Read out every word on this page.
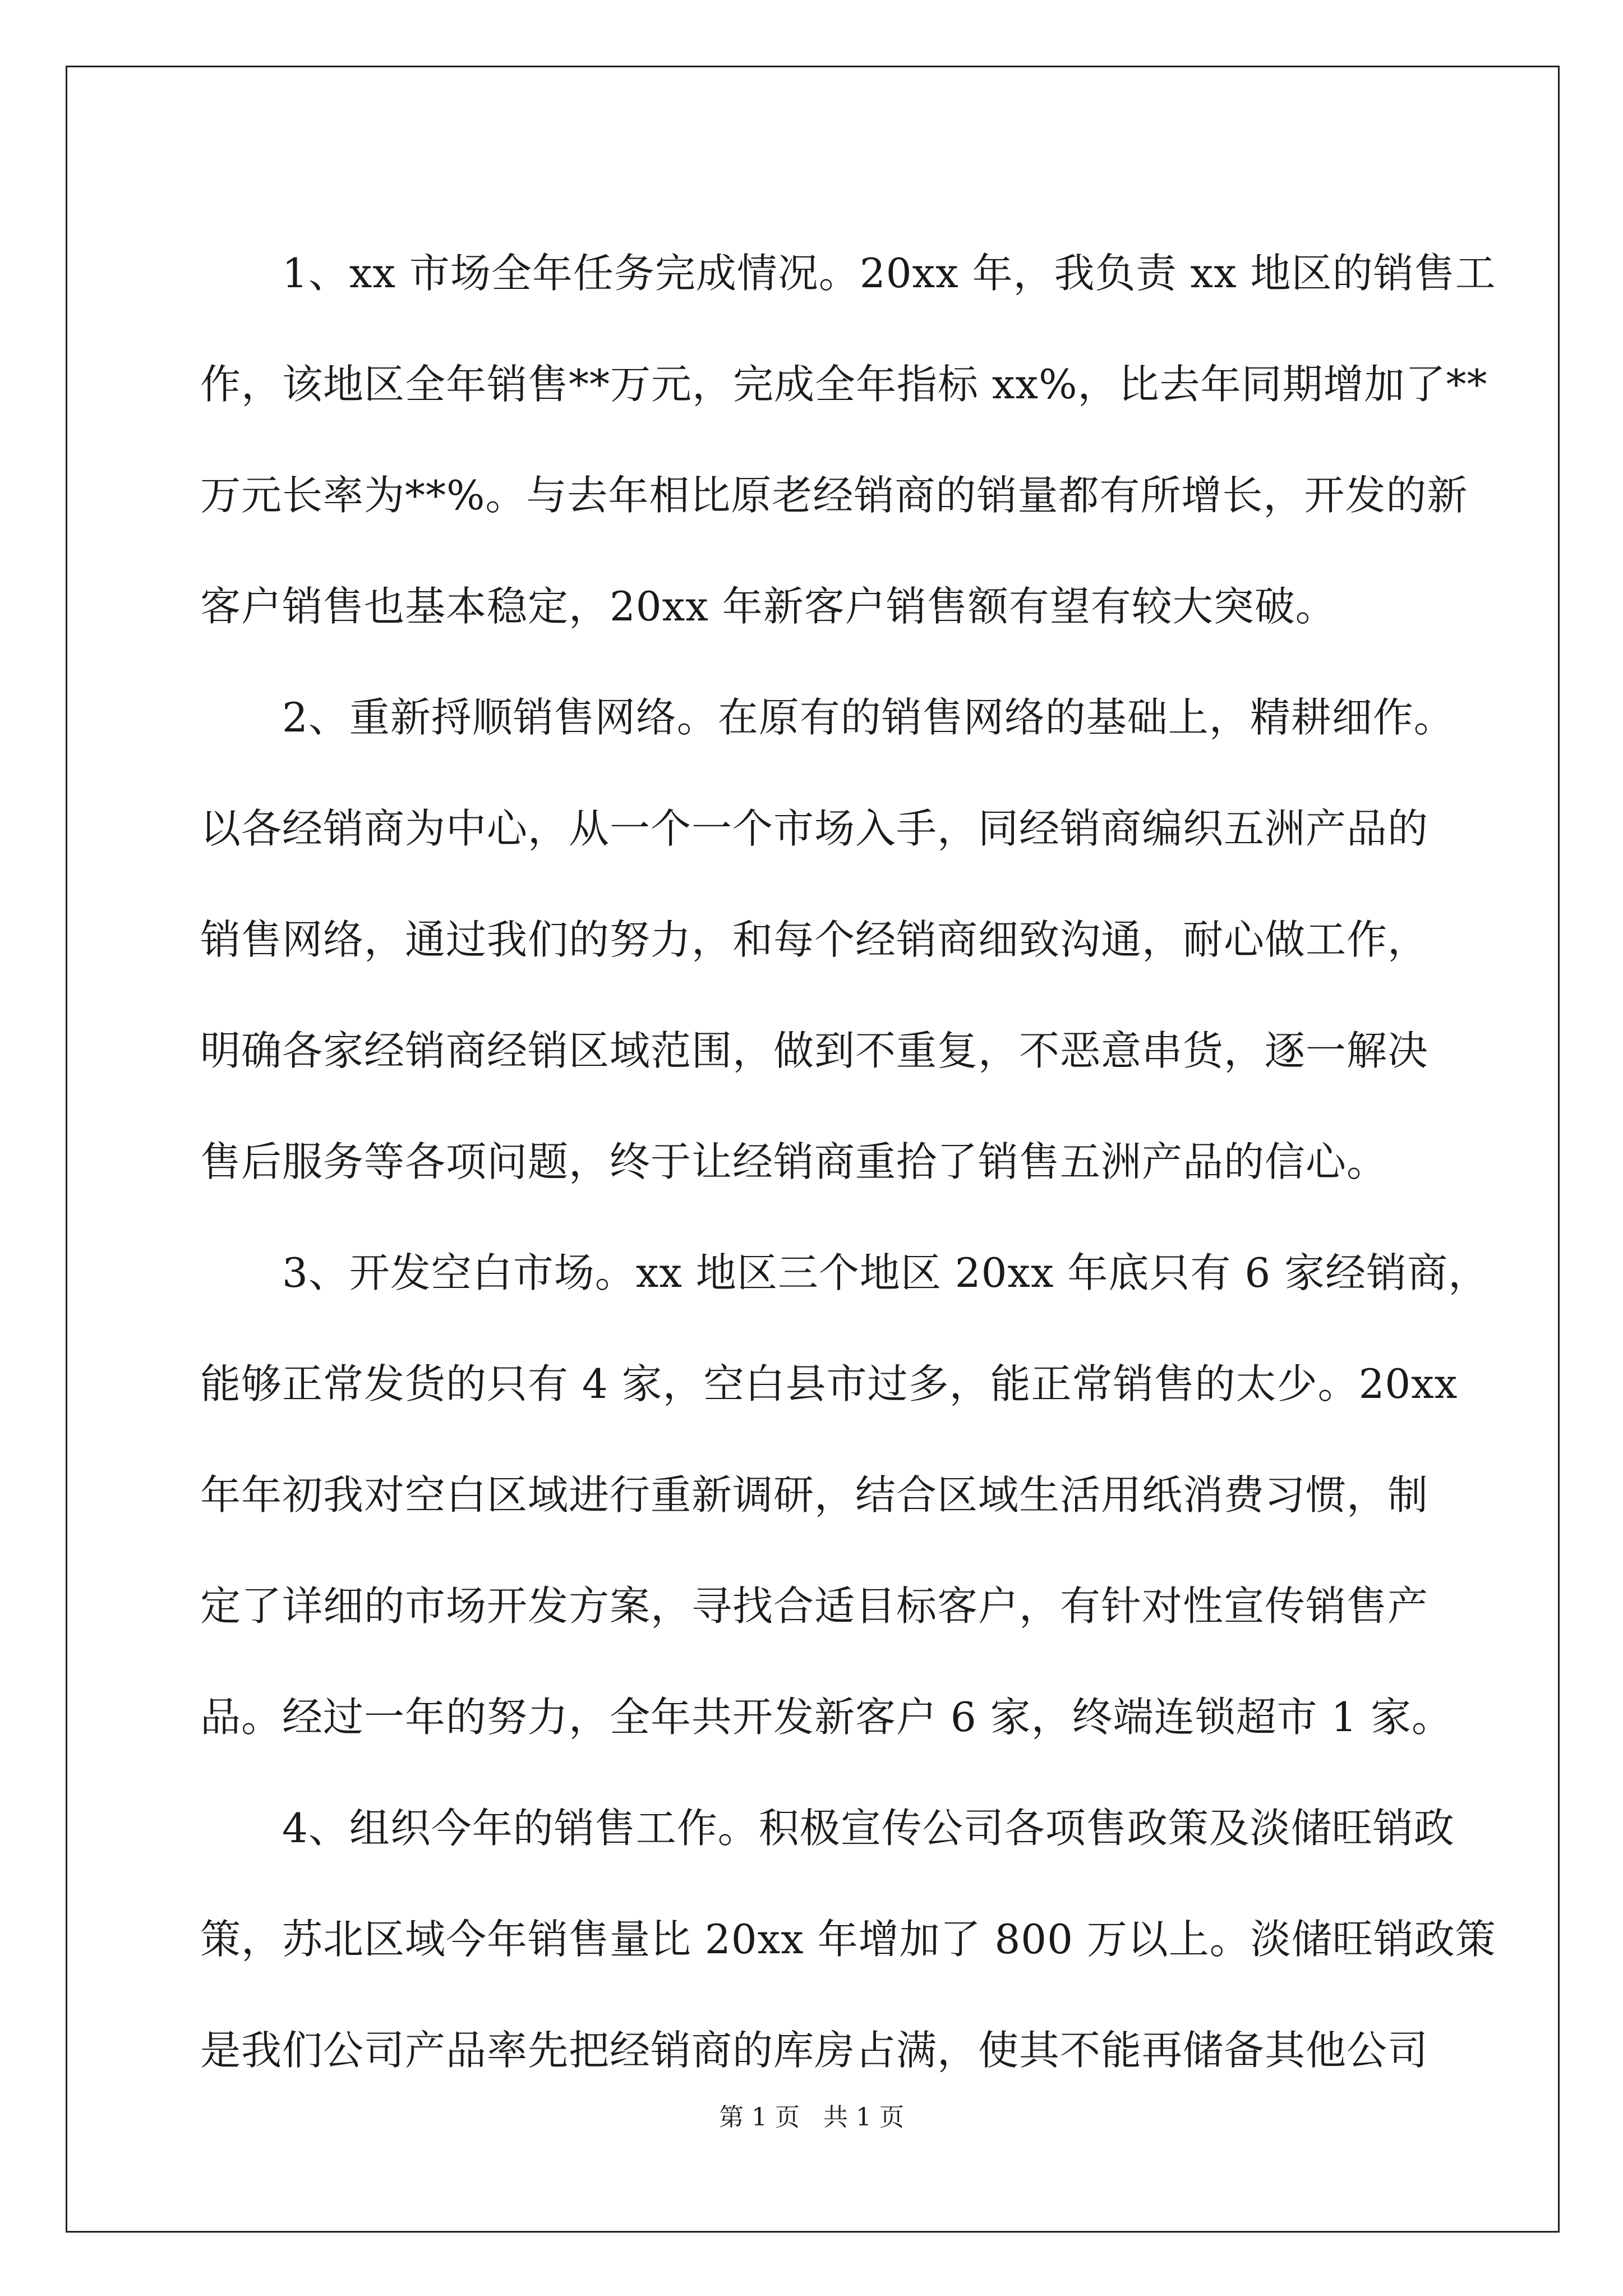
1、xx 市场全年任务完成情况。20xx 年，我负责 xx 地区的销售工
作，该地区全年销售**万元，完成全年指标 xx%，比去年同期增加了**
万元长率为**%。与去年相比原老经销商的销量都有所增长，开发的新
客户销售也基本稳定，20xx 年新客户销售额有望有较大突破。

2、重新捋顺销售网络。在原有的销售网络的基础上，精耕细作。
以各经销商为中心，从一个一个市场入手，同经销商编织五洲产品的
销售网络，通过我们的努力，和每个经销商细致沟通，耐心做工作，
明确各家经销商经销区域范围，做到不重复，不恶意串货，逐一解决
售后服务等各项问题，终于让经销商重拾了销售五洲产品的信心。

3、开发空白市场。xx 地区三个地区 20xx 年底只有 6 家经销商，
能够正常发货的只有 4 家，空白县市过多，能正常销售的太少。20xx
年年初我对空白区域进行重新调研，结合区域生活用纸消费习惯，制
定了详细的市场开发方案，寻找合适目标客户，有针对性宣传销售产
品。经过一年的努力，全年共开发新客户 6 家，终端连锁超市 1 家。

4、组织今年的销售工作。积极宣传公司各项售政策及淡储旺销政
策，苏北区域今年销售量比 20xx 年增加了 800 万以上。淡储旺销政策
是我们公司产品率先把经销商的库房占满，使其不能再储备其他公司

第 1 页   共 1 页
